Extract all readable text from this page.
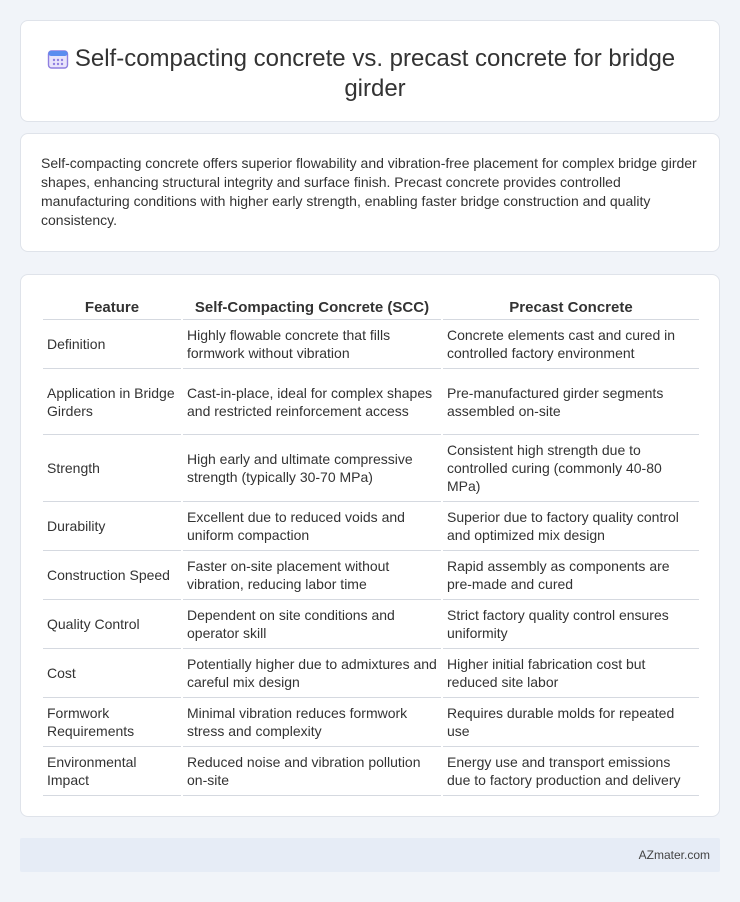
Self-compacting concrete vs. precast concrete for bridge girder

Self-compacting concrete offers superior flowability and vibration-free placement for complex bridge girder shapes, enhancing structural integrity and surface finish. Precast concrete provides controlled manufacturing conditions with higher early strength, enabling faster bridge construction and quality consistency.

Feature	Self-Compacting Concrete (SCC)	Precast Concrete
Definition	Highly flowable concrete that fills formwork without vibration	Concrete elements cast and cured in controlled factory environment
Application in Bridge Girders	Cast-in-place, ideal for complex shapes and restricted reinforcement access	Pre-manufactured girder segments assembled on-site
Strength	High early and ultimate compressive strength (typically 30-70 MPa)	Consistent high strength due to controlled curing (commonly 40-80 MPa)
Durability	Excellent due to reduced voids and uniform compaction	Superior due to factory quality control and optimized mix design
Construction Speed	Faster on-site placement without vibration, reducing labor time	Rapid assembly as components are pre-made and cured
Quality Control	Dependent on site conditions and operator skill	Strict factory quality control ensures uniformity
Cost	Potentially higher due to admixtures and careful mix design	Higher initial fabrication cost but reduced site labor
Formwork Requirements	Minimal vibration reduces formwork stress and complexity	Requires durable molds for repeated use
Environmental Impact	Reduced noise and vibration pollution on-site	Energy use and transport emissions due to factory production and delivery
AZmater.com
